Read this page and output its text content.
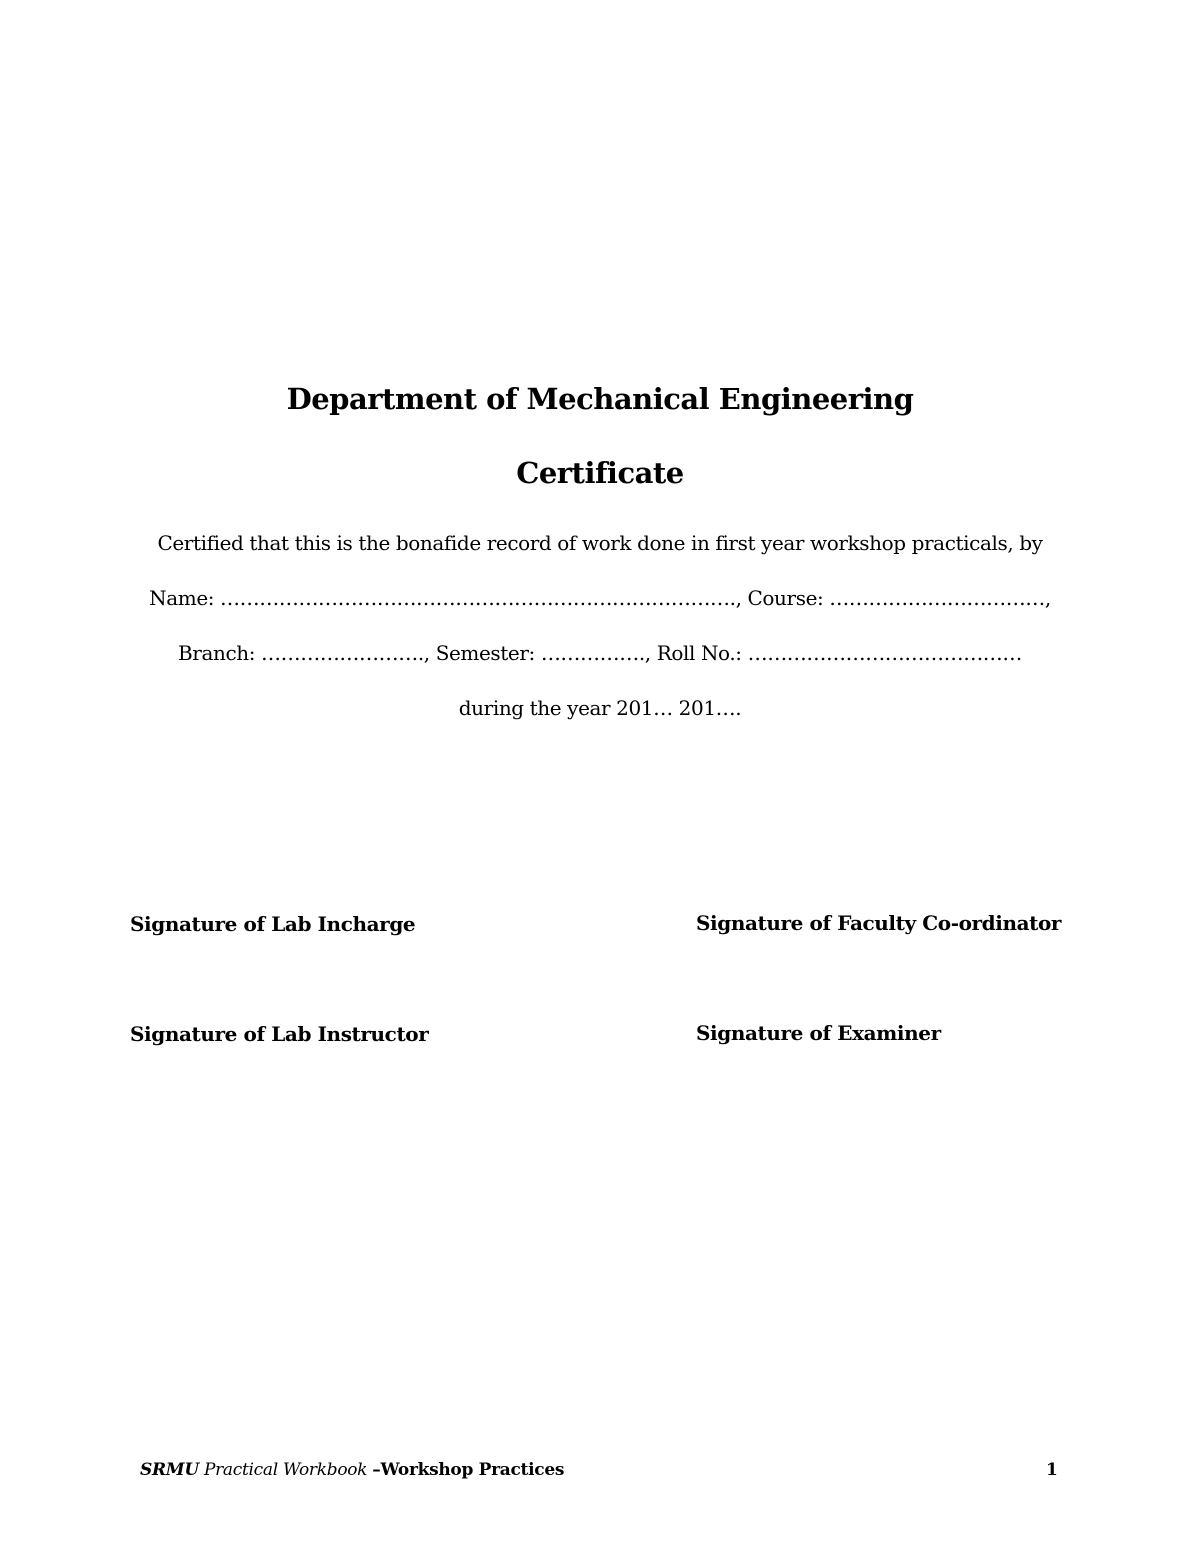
Department of Mechanical Engineering
Certificate
Certified that this is the bonafide record of work done in first year workshop practicals, by
Name: ……………………………………………………………………., Course: ……………………………,
Branch: ……………………., Semester: ……………., Roll No.: ……………………………………
during the year 201… 201….
Signature of Lab Incharge	Signature of Faculty Co-ordinator
Signature of Lab Instructor	Signature of Examiner
SRMU Practical Workbook –Workshop Practices	1
